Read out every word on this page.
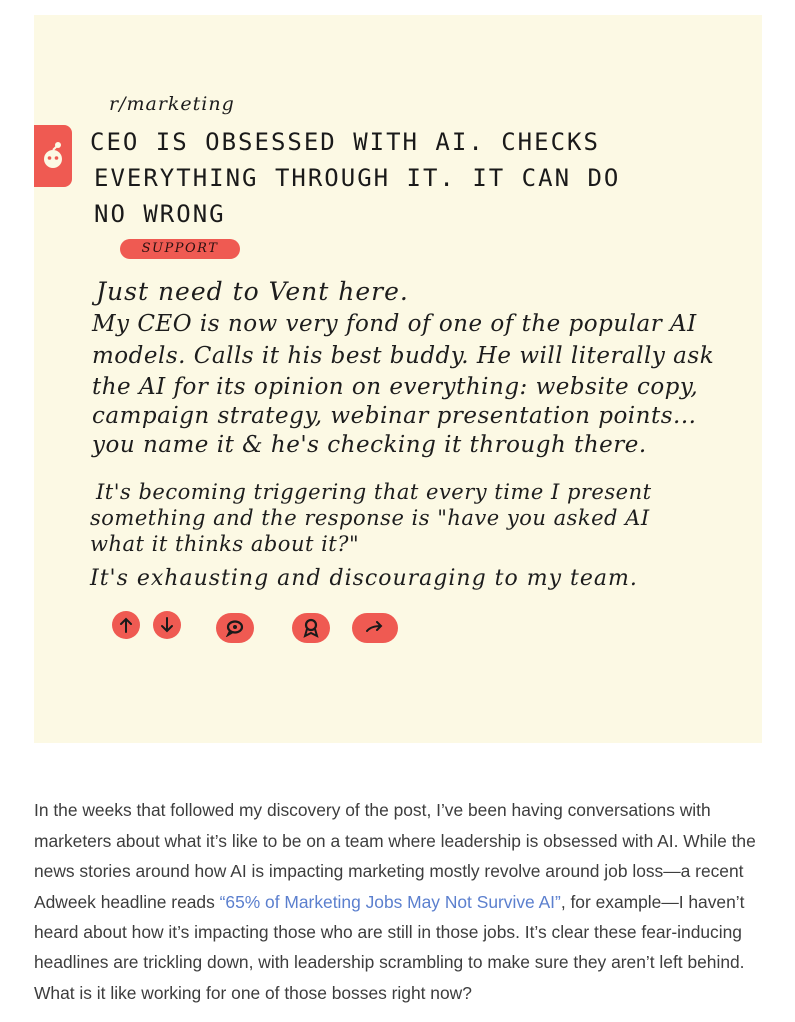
r/marketing
CEO IS OBSESSED WITH AI. CHECKS
EVERYTHING THROUGH IT. IT CAN DO
NO WRONG
SUPPORT
Just need to Vent here.
My CEO is now very fond of one of the popular AI
models. Calls it his best buddy. He will literally ask
the AI for its opinion on everything: website copy,
campaign strategy, webinar presentation points...
you name it & he's checking it through there.
It's becoming triggering that every time I present
something and the response is "have you asked AI
what it thinks about it?"
It's exhausting and discouraging to my team.

In the weeks that followed my discovery of the post, I’ve been having conversations with marketers about what it’s like to be on a team where leadership is obsessed with AI. While the news stories around how AI is impacting marketing mostly revolve around job loss—a recent Adweek headline reads “65% of Marketing Jobs May Not Survive AI”, for example—I haven’t heard about how it’s impacting those who are still in those jobs. It’s clear these fear-inducing headlines are trickling down, with leadership scrambling to make sure they aren’t left behind. What is it like working for one of those bosses right now?
